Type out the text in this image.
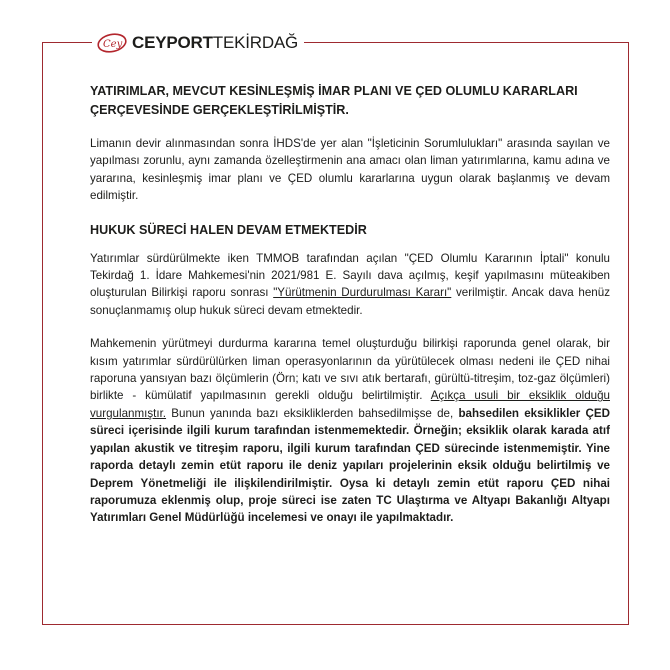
Cey CEYPORTTEKİRDAĞ
YATIRIMLAR, MEVCUT KESİNLEŞMİŞ İMAR PLANI VE ÇED OLUMLU KARARLARI ÇERÇEVESİNDE GERÇEKLEŞTİRİLMİŞTİR.

Limanın devir alınmasından sonra İHDS'de yer alan "İşleticinin Sorumlulukları" arasında sayılan ve yapılması zorunlu, aynı zamanda özelleştirmenin ana amacı olan liman yatırımlarına, kamu adına ve yararına, kesinleşmiş imar planı ve ÇED olumlu kararlarına uygun olarak başlanmış ve devam edilmiştir.

HUKUK SÜRECİ HALEN DEVAM ETMEKTEDİR

Yatırımlar sürdürülmekte iken TMMOB tarafından açılan "ÇED Olumlu Kararının İptali" konulu Tekirdağ 1. İdare Mahkemesi'nin 2021/981 E. Sayılı dava açılmış, keşif yapılmasını müteakiben oluşturulan Bilirkişi raporu sonrası "Yürütmenin Durdurulması Kararı" verilmiştir. Ancak dava henüz sonuçlanmamış olup hukuk süreci devam etmektedir.

Mahkemenin yürütmeyi durdurma kararına temel oluşturduğu bilirkişi raporunda genel olarak, bir kısım yatırımlar sürdürülürken liman operasyonlarının da yürütülecek olması nedeni ile ÇED nihai raporuna yansıyan bazı ölçümlerin (Örn; katı ve sıvı atık bertarafı, gürültü-titreşim, toz-gaz ölçümleri) birlikte - kümülatif yapılmasının gerekli olduğu belirtilmiştir. Açıkça usuli bir eksiklik olduğu vurgulanmıştır. Bunun yanında bazı eksikliklerden bahsedilmişse de, bahsedilen eksiklikler ÇED süreci içerisinde ilgili kurum tarafından istenmemektedir. Örneğin; eksiklik olarak karada atıf yapılan akustik ve titreşim raporu, ilgili kurum tarafından ÇED sürecinde istenmemiştir. Yine raporda detaylı zemin etüt raporu ile deniz yapıları projelerinin eksik olduğu belirtilmiş ve Deprem Yönetmeliği ile ilişkilendirilmiştir. Oysa ki detaylı zemin etüt raporu ÇED nihai raporumuza eklenmiş olup, proje süreci ise zaten TC Ulaştırma ve Altyapı Bakanlığı Altyapı Yatırımları Genel Müdürlüğü incelemesi ve onayı ile yapılmaktadır.
